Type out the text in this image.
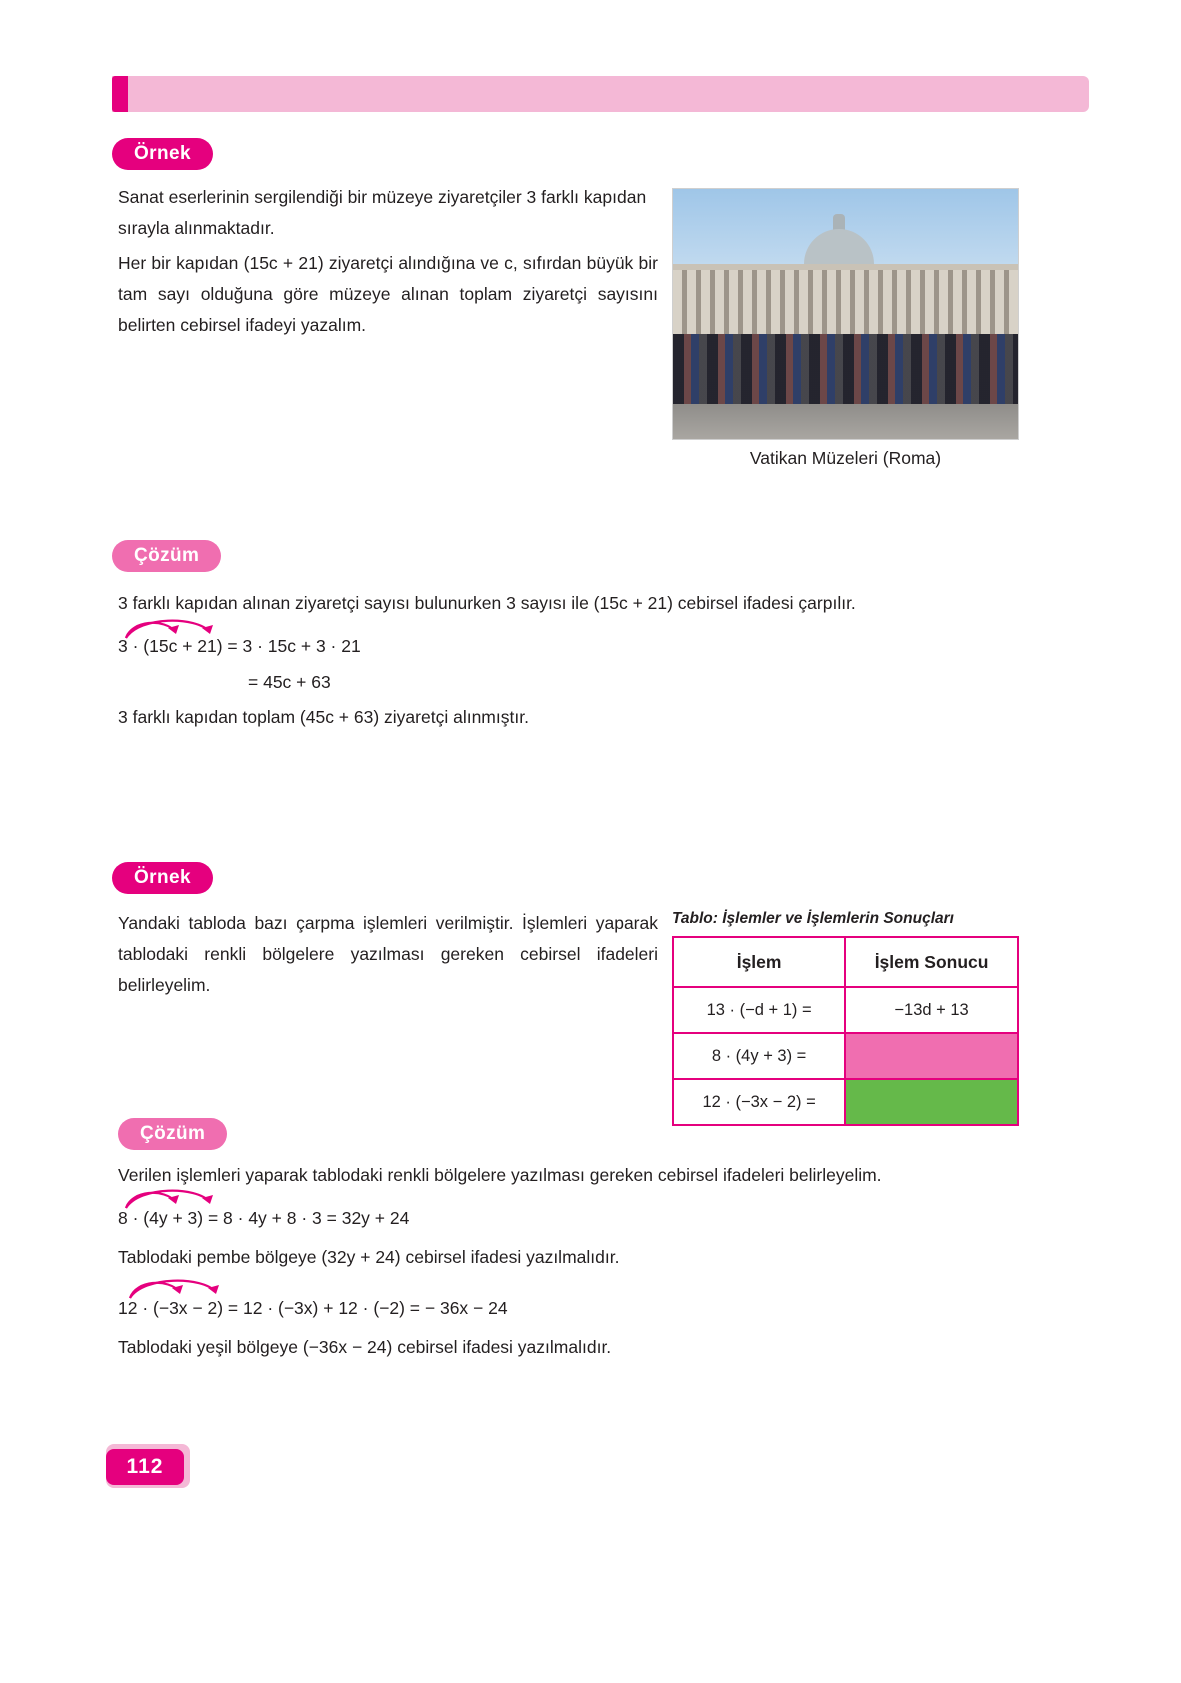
Örnek
Sanat eserlerinin sergilendiği bir müzeye ziyaretçiler 3 farklı kapıdan sırayla alınmaktadır.
Her bir kapıdan (15c + 21) ziyaretçi alındığına ve c, sıfırdan büyük bir tam sayı olduğuna göre müzeye alınan toplam ziyaretçi sayısını belirten cebirsel ifadeyi yazalım.
Vatikan Müzeleri (Roma)
Çözüm
3 farklı kapıdan alınan ziyaretçi sayısı bulunurken 3 sayısı ile (15c + 21) cebirsel ifadesi çarpılır.
3 · (15c + 21) = 3 · 15c + 3 · 21
= 45c + 63
3 farklı kapıdan toplam (45c + 63) ziyaretçi alınmıştır.
Örnek
Yandaki tabloda bazı çarpma işlemleri verilmiştir. İşlemleri yaparak tablodaki renkli bölgelere yazılması gereken cebirsel ifadeleri belirleyelim.
Tablo: İşlemler ve İşlemlerin Sonuçları
İşlem	İşlem Sonucu
13 · (−d + 1) =	−13d + 13
8 · (4y + 3) =	
12 · (−3x − 2) =	
Çözüm
Verilen işlemleri yaparak tablodaki renkli bölgelere yazılması gereken cebirsel ifadeleri belirleyelim.
8 · (4y + 3) = 8 · 4y + 8 · 3 = 32y + 24
Tablodaki pembe bölgeye (32y + 24) cebirsel ifadesi yazılmalıdır.
12 · (−3x − 2) = 12 · (−3x) + 12 · (−2) = − 36x − 24
Tablodaki yeşil bölgeye (−36x − 24) cebirsel ifadesi yazılmalıdır.
112
